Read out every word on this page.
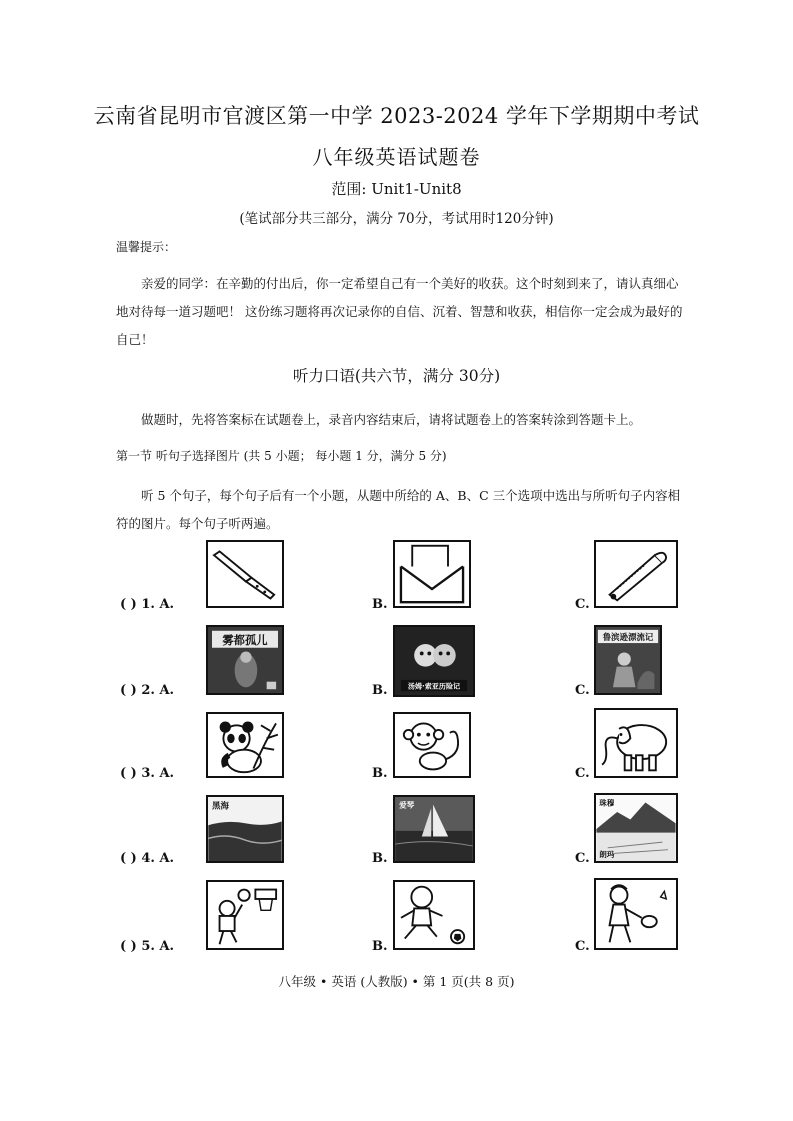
云南省昆明市官渡区第一中学 2023-2024 学年下学期期中考试
八年级英语试题卷
范围: Unit1-Unit8
(笔试部分共三部分，满分 70分，考试用时120分钟)
温馨提示：
亲爱的同学：在辛勤的付出后，你一定希望自己有一个美好的收获。这个时刻到来了，请认真细心地对待每一道习题吧！ 这份练习题将再次记录你的自信、沉着、智慧和收获，相信你一定会成为最好的自己！
听力口语(共六节，满分 30分)
做题时，先将答案标在试题卷上，录音内容结束后，请将试题卷上的答案转涂到答题卡上。
第一节 听句子选择图片 (共 5 小题； 每小题 1 分，满分 5 分)
听 5 个句子，每个句子后有一个小题，从题中所给的 A、B、C 三个选项中选出与所听句子内容相符的图片。每个句子听两遍。
( ) 1. A.	B.	C.
( ) 2. A.
雾都孤儿
B.	汤姆·索亚历险记	C.
鲁滨逊漂流记
( ) 3. A.	B.	C.
( ) 4. A.
黑海
B.
爱琴
C.
珠穆
朗玛
( ) 5. A.	B.	C.
八年级 • 英语 (人教版) • 第 1 页(共 8 页)
